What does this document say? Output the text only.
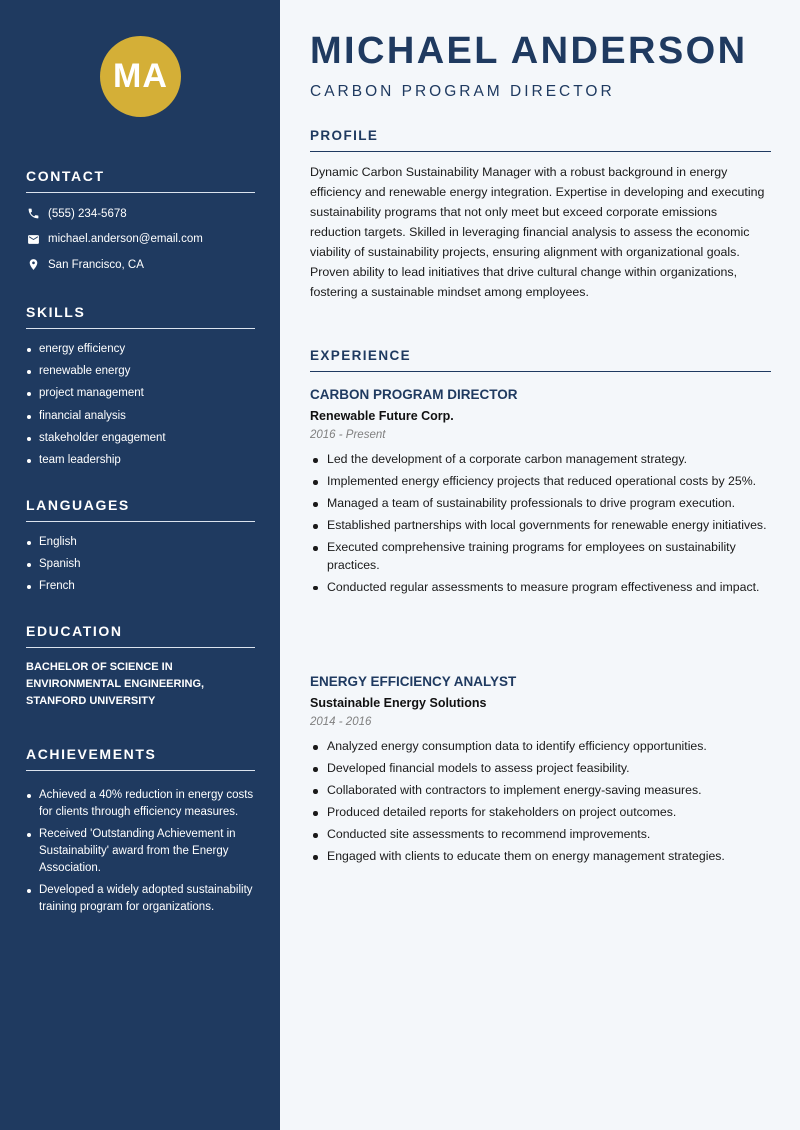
MA
CONTACT
(555) 234-5678
michael.anderson@email.com
San Francisco, CA
SKILLS
energy efficiency
renewable energy
project management
financial analysis
stakeholder engagement
team leadership
LANGUAGES
English
Spanish
French
EDUCATION
BACHELOR OF SCIENCE IN ENVIRONMENTAL ENGINEERING, STANFORD UNIVERSITY
ACHIEVEMENTS
Achieved a 40% reduction in energy costs for clients through efficiency measures.
Received 'Outstanding Achievement in Sustainability' award from the Energy Association.
Developed a widely adopted sustainability training program for organizations.
MICHAEL ANDERSON
CARBON PROGRAM DIRECTOR
PROFILE
Dynamic Carbon Sustainability Manager with a robust background in energy efficiency and renewable energy integration. Expertise in developing and executing sustainability programs that not only meet but exceed corporate emissions reduction targets. Skilled in leveraging financial analysis to assess the economic viability of sustainability projects, ensuring alignment with organizational goals. Proven ability to lead initiatives that drive cultural change within organizations, fostering a sustainable mindset among employees.
EXPERIENCE
CARBON PROGRAM DIRECTOR
Renewable Future Corp.
2016 - Present
Led the development of a corporate carbon management strategy.
Implemented energy efficiency projects that reduced operational costs by 25%.
Managed a team of sustainability professionals to drive program execution.
Established partnerships with local governments for renewable energy initiatives.
Executed comprehensive training programs for employees on sustainability practices.
Conducted regular assessments to measure program effectiveness and impact.
ENERGY EFFICIENCY ANALYST
Sustainable Energy Solutions
2014 - 2016
Analyzed energy consumption data to identify efficiency opportunities.
Developed financial models to assess project feasibility.
Collaborated with contractors to implement energy-saving measures.
Produced detailed reports for stakeholders on project outcomes.
Conducted site assessments to recommend improvements.
Engaged with clients to educate them on energy management strategies.
